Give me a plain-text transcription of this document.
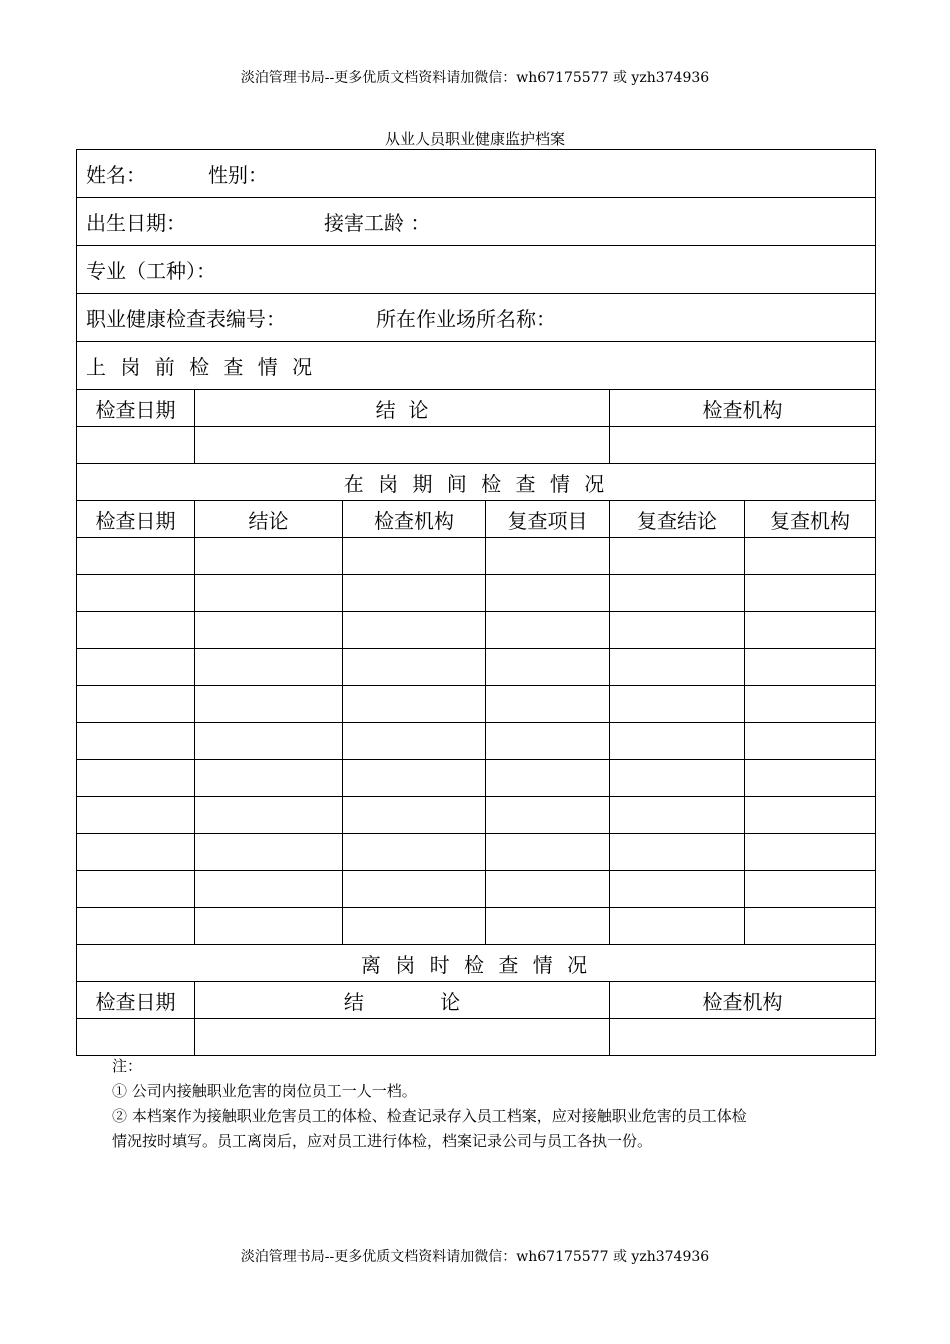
淡泊管理书局--更多优质文档资料请加微信：wh67175577 或 yzh374936
从业人员职业健康监护档案
姓名： 性别：					
出生日期： 接害工龄 ：					
专业（工种）：					
职业健康检查表编号： 所在作业场所名称：					
上 岗 前 检 查 情 况					
检查日期	结  论			检查机构	

在 岗 期 间 检 查 情 况					
检查日期	结论	检查机构	复查项目	复查结论	复查机构

离 岗 时 检 查 情 况					
检查日期	结            论			检查机构	

注：
① 公司内接触职业危害的岗位员工一人一档。
② 本档案作为接触职业危害员工的体检、检查记录存入员工档案，应对接触职业危害的员工体检
情况按时填写。员工离岗后，应对员工进行体检，档案记录公司与员工各执一份。
淡泊管理书局--更多优质文档资料请加微信：wh67175577 或 yzh374936
